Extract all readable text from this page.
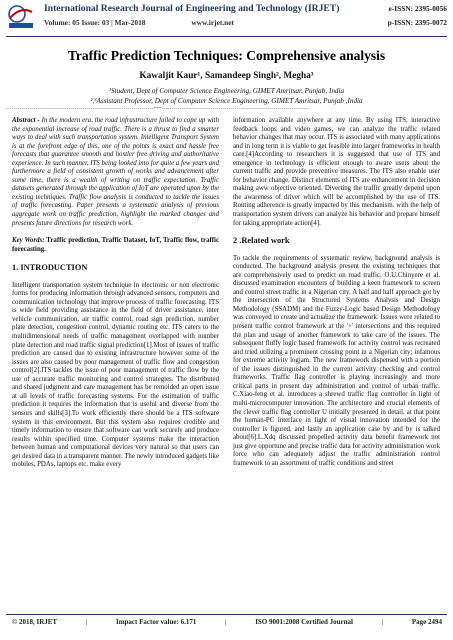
International Research Journal of Engineering and Technology (IRJET)
Volume: 05 Issue: 03 | Mar-2018	www.irjet.net
e-ISSN: 2395-0056
p-ISSN: 2395-0072
Traffic Prediction Techniques: Comprehensive analysis
Kawaljit Kaur¹, Samandeep Singh², Megha³
¹Student, Dept of Computer Science Engineering, GIMET Amritsar, Punjab, India
²,³Assistant Professor, Dept of Computer Science Engineering, GIMET Amritsar, Punjab ,India
---------------------------------------------------------------------------***---------------------------------------------------------------------------

Abstract - In the modern era, the road infrastructure failed to cope up with the exponential increase of road traffic. There is a thrust to find a smarter ways to deal with such transportation system. Intelligent Transport System is at the forefront edge of this, one of the points is exact and hassle free forecasts that guarantee smooth and hostler free driving and authoritative experience. In such manner, ITS being looked into for quite a few years and furthermore a field of consistent growth of works and advancement after some time, there is a wealth of writing on traffic expectation. Traffic datasets generated through the application of IoT are operated upon by the existing techniques. Traffic flow analysis is conducted to tackle the issues of traffic forecasting. Paper presents a systematic analysis of previous aggregate work on traffic prediction, highlight the marked changes and presents future directions for research work.

Key Words: Traffic prediction, Traffic Dataset, IoT, Traffic flow, traffic forecasting.

1. INTRODUCTION

Intelligent transportation system technique in electronic or non electronic forms for producing information through advanced sensors, computers and communication technology that improve process of traffic forecasting. ITS is wide field providing assistance in the field of driver assistance, inter vehicle communication, air traffic control, road sign prediction, number plate detection, congestion control, dynamic routing etc. ITS caters to the multidimensional needs of traffic management overlapped with number plate detection and road traffic signal prediction[1].Most of issues of traffic prediction are caused due to existing infrastructure however some of the issues are also caused by poor management of traffic flow and congestion control[2].ITS tackles the issue of poor management of traffic flow by the use of accurate traffic monitoring and control strategies. The distributed and shared judgment and care management has be remolded an open issue at all levels of traffic forecasting systems. For the estimation of traffic prediction it requires the information that is useful and diverse from the sensors and skills[3].To work efficiently there should be a ITS software system in this environment. But this system also requires credible and timely information to ensure that software can work securely and produce results within specified time. Computer systems make the interaction between human and computational devices very natural so that users can get desired data in a transparent manner. The newly introduced gadgets like mobiles, PDAs, laptops etc. make every

information available anywhere at any time. By using ITS, interactive feedback loops and video games, we can analyze the traffic related behavior changes that may occur. ITS is associated with many applications and in long term it is viable to get feasible into larger frameworks in health care.[4]According to researchers it is suggested that use of ITS and emergence in technology is efficient enough to aware users about the current traffic and provide preventive measures. The ITS also enable user for behavior change. Distinct elements of ITS are enhancement in decision making aww objective oriented. Diverting the traffic greatly depend upon the awareness of driver which will be accomplished by the use of ITS. Routing adherence is greatly impacted by this mechanism. with the help of transportation system drivers can analyze his behavior and prepare himself for taking appropriate action[4].

2 .Related work

To tackle the requirements of systematic review, background analysis is conducted. The background analysis present the existing techniques that are comprehensively used to predict on road traffic. O.U.Chinyere et al. discussed examination encounters of building a keen framework to screen and control street traffic in a Nigerian city. A half and half approach got by the intersection of the Structured Systems Analysis and Design Methodology (SSADM) and the Fuzzy-Logic based Design Methodology was conveyed to create and actualize the framework. Issues were related to present traffic control framework at the '+' intersections and this required the plan and usage of another framework to take care of the issues. The subsequent fluffy logic based framework for activity control was recreated and tried utilizing a prominent crossing point in a Nigerian city; infamous for extreme activity logjam. The new framework dispensed with a portion of the issues distinguished in the current activity checking and control frameworks. Traffic flag controller is playing increasingly and more critical parts in present day administration and control of urban traffic. C.Xiao-feng et al. introduces a shrewd traffic flag controller in light of multi-microcomputer innovation. The architecture and crucial elements of the clever traffic flag controller U initially presented in detail, at that point the human-PC interface in light of visual innovation intended for the controller is figured, and lastly an application case by and by is talked about[6].L.Xdq discussed propelled activity data benefit framework not just give opportune and precise traffic data for activity administration work force who can adequately adjust the traffic administration control framework to an assortment of traffic conditions and street

© 2018, IRJET	|	Impact Factor value: 6.171	|	ISO 9001:2008 Certified Journal	|	Page 2494
